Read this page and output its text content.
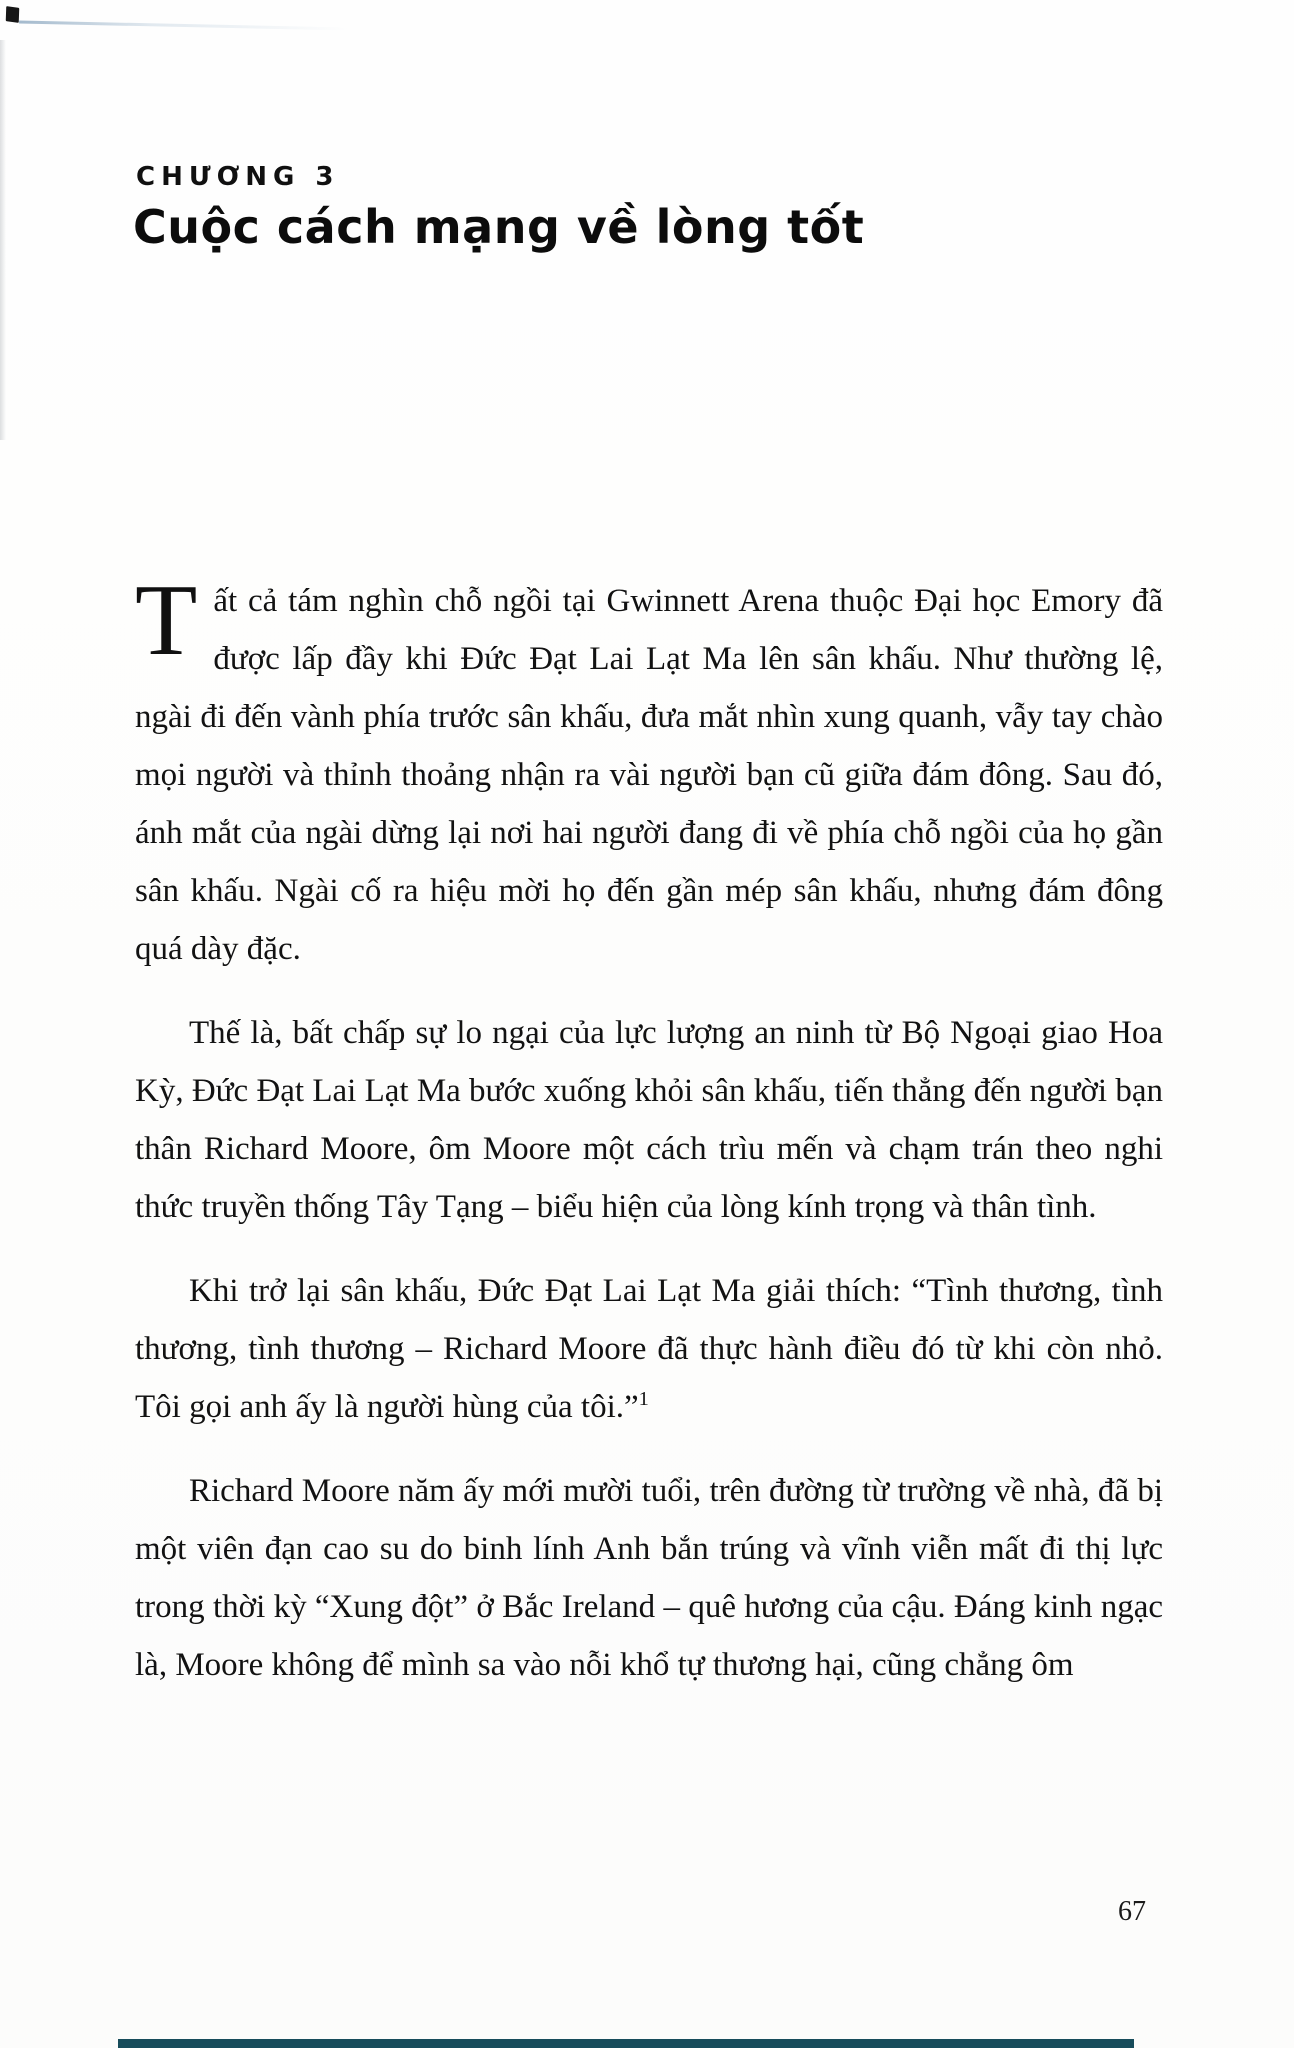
CHƯƠNG 3
Cuộc cách mạng về lòng tốt

Tất cả tám nghìn chỗ ngồi tại Gwinnett Arena thuộc Đại học Emory đã được lấp đầy khi Đức Đạt Lai Lạt Ma lên sân khấu. Như thường lệ, ngài đi đến vành phía trước sân khấu, đưa mắt nhìn xung quanh, vẫy tay chào mọi người và thỉnh thoảng nhận ra vài người bạn cũ giữa đám đông. Sau đó, ánh mắt của ngài dừng lại nơi hai người đang đi về phía chỗ ngồi của họ gần sân khấu. Ngài cố ra hiệu mời họ đến gần mép sân khấu, nhưng đám đông quá dày đặc.

Thế là, bất chấp sự lo ngại của lực lượng an ninh từ Bộ Ngoại giao Hoa Kỳ, Đức Đạt Lai Lạt Ma bước xuống khỏi sân khấu, tiến thẳng đến người bạn thân Richard Moore, ôm Moore một cách trìu mến và chạm trán theo nghi thức truyền thống Tây Tạng – biểu hiện của lòng kính trọng và thân tình.

Khi trở lại sân khấu, Đức Đạt Lai Lạt Ma giải thích: “Tình thương, tình thương, tình thương – Richard Moore đã thực hành điều đó từ khi còn nhỏ. Tôi gọi anh ấy là người hùng của tôi.”$^1$

Richard Moore năm ấy mới mười tuổi, trên đường từ trường về nhà, đã bị một viên đạn cao su do binh lính Anh bắn trúng và vĩnh viễn mất đi thị lực trong thời kỳ “Xung đột” ở Bắc Ireland – quê hương của cậu. Đáng kinh ngạc là, Moore không để mình sa vào nỗi khổ tự thương hại, cũng chẳng ôm

67
